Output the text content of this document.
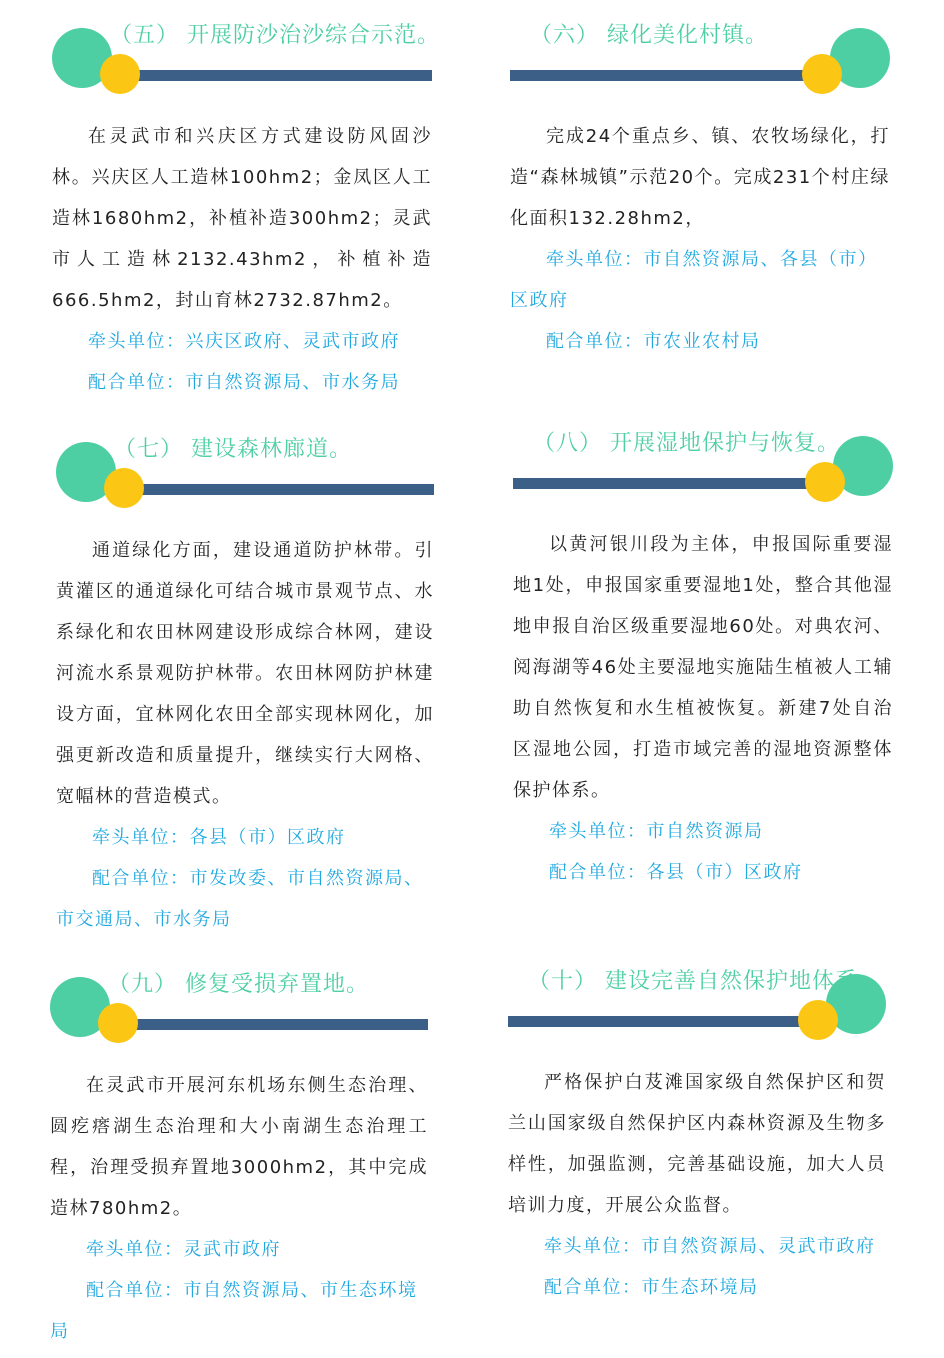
（五） 开展防沙治沙综合示范。

在灵武市和兴庆区方式建设防风固沙林。兴庆区人工造林100hm2；金凤区人工造林1680hm2，补植补造300hm2；灵武市人工造林2132.43hm2，补植补造666.5hm2，封山育林2732.87hm2。

牵头单位：兴庆区政府、灵武市政府

配合单位：市自然资源局、市水务局

（六） 绿化美化村镇。

完成24个重点乡、镇、农牧场绿化，打造“森林城镇”示范20个。完成231个村庄绿化面积132.28hm2，

牵头单位：市自然资源局、各县（市）区政府

配合单位：市农业农村局

（七） 建设森林廊道。

通道绿化方面，建设通道防护林带。引黄灌区的通道绿化可结合城市景观节点、水系绿化和农田林网建设形成综合林网，建设河流水系景观防护林带。农田林网防护林建设方面，宜林网化农田全部实现林网化，加强更新改造和质量提升，继续实行大网格、宽幅林的营造模式。

牵头单位：各县（市）区政府

配合单位：市发改委、市自然资源局、市交通局、市水务局

（八） 开展湿地保护与恢复。

以黄河银川段为主体，申报国际重要湿地1处，申报国家重要湿地1处，整合其他湿地申报自治区级重要湿地60处。对典农河、阅海湖等46处主要湿地实施陆生植被人工辅助自然恢复和水生植被恢复。新建7处自治区湿地公园，打造市域完善的湿地资源整体保护体系。

牵头单位：市自然资源局

配合单位：各县（市）区政府

（九） 修复受损弃置地。

在灵武市开展河东机场东侧生态治理、圆疙瘩湖生态治理和大小南湖生态治理工程，治理受损弃置地3000hm2，其中完成造林780hm2。

牵头单位：灵武市政府

配合单位：市自然资源局、市生态环境局

（十） 建设完善自然保护地体系。

严格保护白芨滩国家级自然保护区和贺兰山国家级自然保护区内森林资源及生物多样性，加强监测，完善基础设施，加大人员培训力度，开展公众监督。

牵头单位：市自然资源局、灵武市政府

配合单位：市生态环境局
